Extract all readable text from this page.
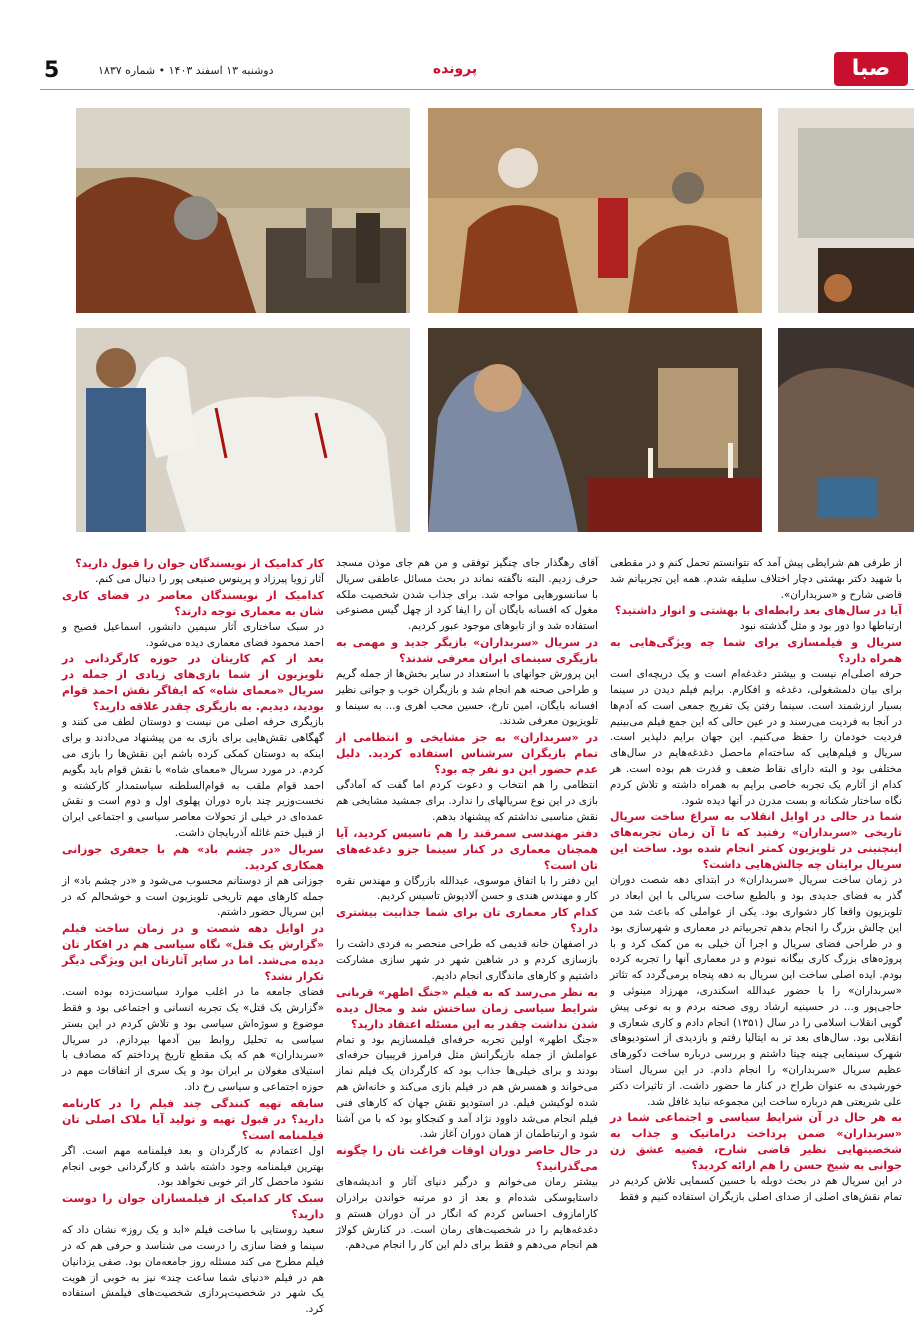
5	دوشنبه ۱۳ اسفند ۱۴۰۳ • شماره ۱۸۳۷	پرونده	صبا

از طرفی هم شرایطی پیش آمد که نتوانستم تحمل کنم و در مقطعی با شهید دکتر بهشتی دچار اختلاف سلیقه شدم. همه این تجربیاتم شد قاضی شارح و «سربداران».

آیا در سال‌های بعد رابطه‌ای با بهشتی و انوار داشتید؟

ارتباطها دوا دور بود و مثل گذشته نبود

سریال و فیلمسازی برای شما چه ویژگی‌هایی به همراه دارد؟

حرفه اصلی‌ام نیست و بیشتر دغدغه‌ام است و یک دریچه‌ای است برای بیان دلمشغولی، دغدغه و افکارم. برایم فیلم دیدن در سینما بسیار ارزشمند است. سینما رفتن یک تفریح جمعی است که آدم‌ها در آنجا به فردیت می‌رسند و در عین حالی که این جمع فیلم می‌بینیم فردیت خودمان را حفظ می‌کنیم. این جهان برایم دلپذیر است. سریال و فیلم‌هایی که ساخته‌ام ماحصل دغدغه‌هایم در سال‌های مختلفی بود و البته دارای نقاط ضعف و قدرت هم بوده است. هر کدام از آثارم یک تجربه خاصی برایم به همراه داشته و تلاش کردم نگاه ساختار شکنانه و بست مدرن در آنها دیده شود.

شما در حالی در اوایل انقلاب به سراغ ساخت سریال تاریخی «سربداران» رفتید که تا آن زمان تجربه‌های اینچنینی در تلویزیون کمتر انجام شده بود. ساخت این سریال برایتان چه چالش‌هایی داشت؟

در زمان ساخت سریال «سربداران» در ابتدای دهه شصت دوران گذر به فضای جدیدی بود و بالطبع ساخت سریالی با این ابعاد در تلویزیون واقعا کار دشواری بود. یکی از عواملی که باعث شد من این چالش بزرگ را انجام بدهم تجربیاتم در معماری و شهرسازی بود و در طراحی فضای سریال و اجرا آن خیلی به من کمک کرد و با پروژه‌های بزرگ کاری بیگانه نبودم و در معماری آنها را تجربه کرده بودم. ایده اصلی ساخت این سریال به دهه پنجاه برمی‌گردد که تئاتر «سربداران» را با حضور عبدالله اسکندری، مهرزاد مینوئی و حاجی‌پور و... در حسینیه ارشاد روی صحنه بردم و به نوعی پیش گویی انقلاب اسلامی را در سال (۱۳۵۱) انجام دادم و کاری شعاری و انقلابی بود. سال‌های بعد تر به ایتالیا رفتم و بازدیدی از استودیوهای شهرک سینمایی چینه چیتا داشتم و بررسی درباره ساخت دکورهای عظیم سریال «سربداران» را انجام دادم. در این سریال استاد خورشیدی به عنوان طراح در کنار ما حضور داشت. از تاثیرات دکتر علی شریعتی هم درباره ساخت این مجموعه نباید غافل شد.

به هر حال در آن شرایط سیاسی و اجتماعی شما در «سربداران» ضمن پرداخت دراماتیک و جذاب به شخصیتهایی نظیر قاضی شارح، قضیه عشق زن جوانی به شیخ حسن را هم ارائه کردید؟

در این سریال هم در بحث دوبله با حسین کسمایی تلاش کردیم در تمام نقش‌های اصلی از صدای اصلی بازیگران استفاده کنیم و فقط

آقای رهگذار جای چنگیز توفقی و من هم جای موذن مسجد حرف زدیم. البته ناگفته نماند در بحث مسائل عاطفی سریال با سانسورهایی مواجه شد. برای جذاب شدن شخصیت ملکه مغول که افسانه بایگان آن را ایفا کرد از چهل گیس مصنوعی استفاده شد و از تابوهای موجود عبور کردیم.

در سریال «سربداران» بازیگر جدید و مهمی به بازیگری سینمای ایران معرفی شدند؟

این پرورش جوانهای با استعداد در سایر بخش‌ها از جمله گریم و طراحی صحنه هم انجام شد و بازیگران خوب و جوانی نظیر افسانه بایگان، امین تارخ، حسین محب اهری و... به سینما و تلویزیون معرفی شدند.

در «سربداران» به جز مشایخی و انتظامی از تمام بازیگران سرشناس استفاده کردید. دلیل عدم حضور این دو نفر چه بود؟

انتظامی را هم انتخاب و دعوت کردم اما گفت که آمادگی بازی در این نوع سریالهای را ندارد. برای جمشید مشایخی هم نقش مناسبی نداشتم که پیشنهاد بدهم.

دفتر مهندسی سمرقند را هم تاسیس کردید، آیا همچنان معماری در کنار سینما جزو دغدغه‌های تان است؟

این دفتر را با اتفاق موسوی، عبدالله بازرگان و مهندس نقره کار و مهندس هندی و حسن آلادپوش تاسیس کردیم.

کدام کار معماری تان برای شما جذابیت بیشتری دارد؟

در اصفهان خانه قدیمی که طراحی منحصر به فردی داشت را بازسازی کردم و در شاهین شهر در شهر سازی مشارکت داشتیم و کارهای ماندگاری انجام دادیم.

به نظر می‌رسد که به فیلم «جنگ اطهر» قربانی شرایط سیاسی زمان ساختش شد و مجال دیده شدن نداشت چقدر به این مسئله اعتقاد دارید؟

«جنگ اطهر» اولین تجربه حرفه‌ای فیلمسازیم بود و تمام عواملش از جمله بازیگرانش مثل فرامرز قریبیان حرفه‌ای بودند و برای خیلی‌ها جذاب بود که کارگردان یک فیلم نماز می‌خواند و همسرش هم در فیلم بازی می‌کند و خانه‌اش هم شده لوکیشن فیلم. در استودیو نقش جهان که کارهای فنی فیلم انجام می‌شد داوود نژاد آمد و کنجکاو بود که با من آشنا شود و ارتباطمان از همان دوران آغاز شد.

در حال حاضر دوران اوقات فراغت تان را چگونه می‌گذرانید؟

بیشتر رمان می‌خوانم و درگیر دنیای آثار و اندیشه‌های داستایوسکی شده‌ام و بعد از دو مرتبه خواندن برادران کارامازوف احساس کردم که انگار در آن دوران هستم و دغدغه‌هایم را در شخصیت‌های رمان است. در کنارش کولاژ هم انجام می‌دهم و فقط برای دلم این کار را انجام می‌دهم.

کار کدامیک از نویسندگان جوان را قبول دارید؟

آثار زویا پیرزاد و پرینوس صنیعی پور را دنبال می کنم.

کدامیک از نویسندگان معاصر در فضای کاری شان به معماری توجه دارند؟

در سبک ساختاری آثار سیمین دانشور، اسماعیل فصیح و احمد محمود فضای معماری دیده می‌شود.

بعد از کم کاریتان در حوزه کارگردانی در تلویزیون از شما بازی‌های زیادی از جمله در سریال «معمای شاه» که ایفاگر نقش احمد قوام بودید، دیدیم. به بازیگری چقدر علاقه دارید؟

بازیگری حرفه اصلی من نیست و دوستان لطف می کنند و گهگاهی نقش‌هایی برای بازی به من پیشنهاد می‌دادند و برای اینکه به دوستان کمکی کرده باشم این نقش‌ها را بازی می کردم. در مورد سریال «معمای شاه» با نقش قوام باید بگویم احمد قوام ملقب به قوام‌السلطنه سیاستمدار کارکشته و نخست‌وزیر چند باره دوران پهلوی اول و دوم است و نقش عمده‌ای در خیلی از تحولات معاصر سیاسی و اجتماعی ایران از قبیل ختم غائله آذربایجان داشت.

سریال «در چشم باد» هم با جعفری جوزانی همکاری کردید.

جوزانی هم از دوستانم محسوب می‌شود و «در چشم باد» از جمله کارهای مهم تاریخی تلویزیون است و خوشحالم که در این سریال حضور داشتم.

در اوایل دهه شصت و در زمان ساخت فیلم «گزارش یک قتل» نگاه سیاسی هم در افکار تان دیده می‌شد. اما در سایر آثارتان این ویژگی دیگر تکرار نشد؟

فضای جامعه ما در اغلب موارد سیاست‌زده بوده است. «گزارش یک قتل» یک تجربه انسانی و اجتماعی بود و فقط موضوع و سوژه‌اش سیاسی بود و تلاش کردم در این بستر سیاسی به تحلیل روابط بین آدمها بپردازم. در سریال «سربداران» هم که یک مقطع تاریخ پرداختم که مصادف با استیلای مغولان بر ایران بود و یک سری از اتفاقات مهم در حوزه اجتماعی و سیاسی رخ داد.

سابقه تهیه کنندگی چند فیلم را در کارنامه دارید؟ در قبول تهیه و تولید آیا ملاک اصلی تان فیلمنامه است؟

اول اعتمادم به کارگردان و بعد فیلمنامه مهم است. اگر بهترین فیلمنامه وجود داشته باشد و کارگردانی خوبی انجام نشود ماحصل کار اثر خوبی نخواهد بود.

سبک کار کدامیک از فیلمسازان جوان را دوست دارید؟

سعید روستایی با ساخت فیلم «ابد و یک روز» نشان داد که سینما و فضا سازی را درست می شناسد و حرفی هم که در فیلم مطرح می کند مسئله روز جامعه‌مان بود. صفی یزدانیان هم در فیلم «دنیای شما ساعت چند» نیز به خوبی از هویت یک شهر در شخصیت‌پردازی شخصیت‌های فیلمش استفاده کرد.
